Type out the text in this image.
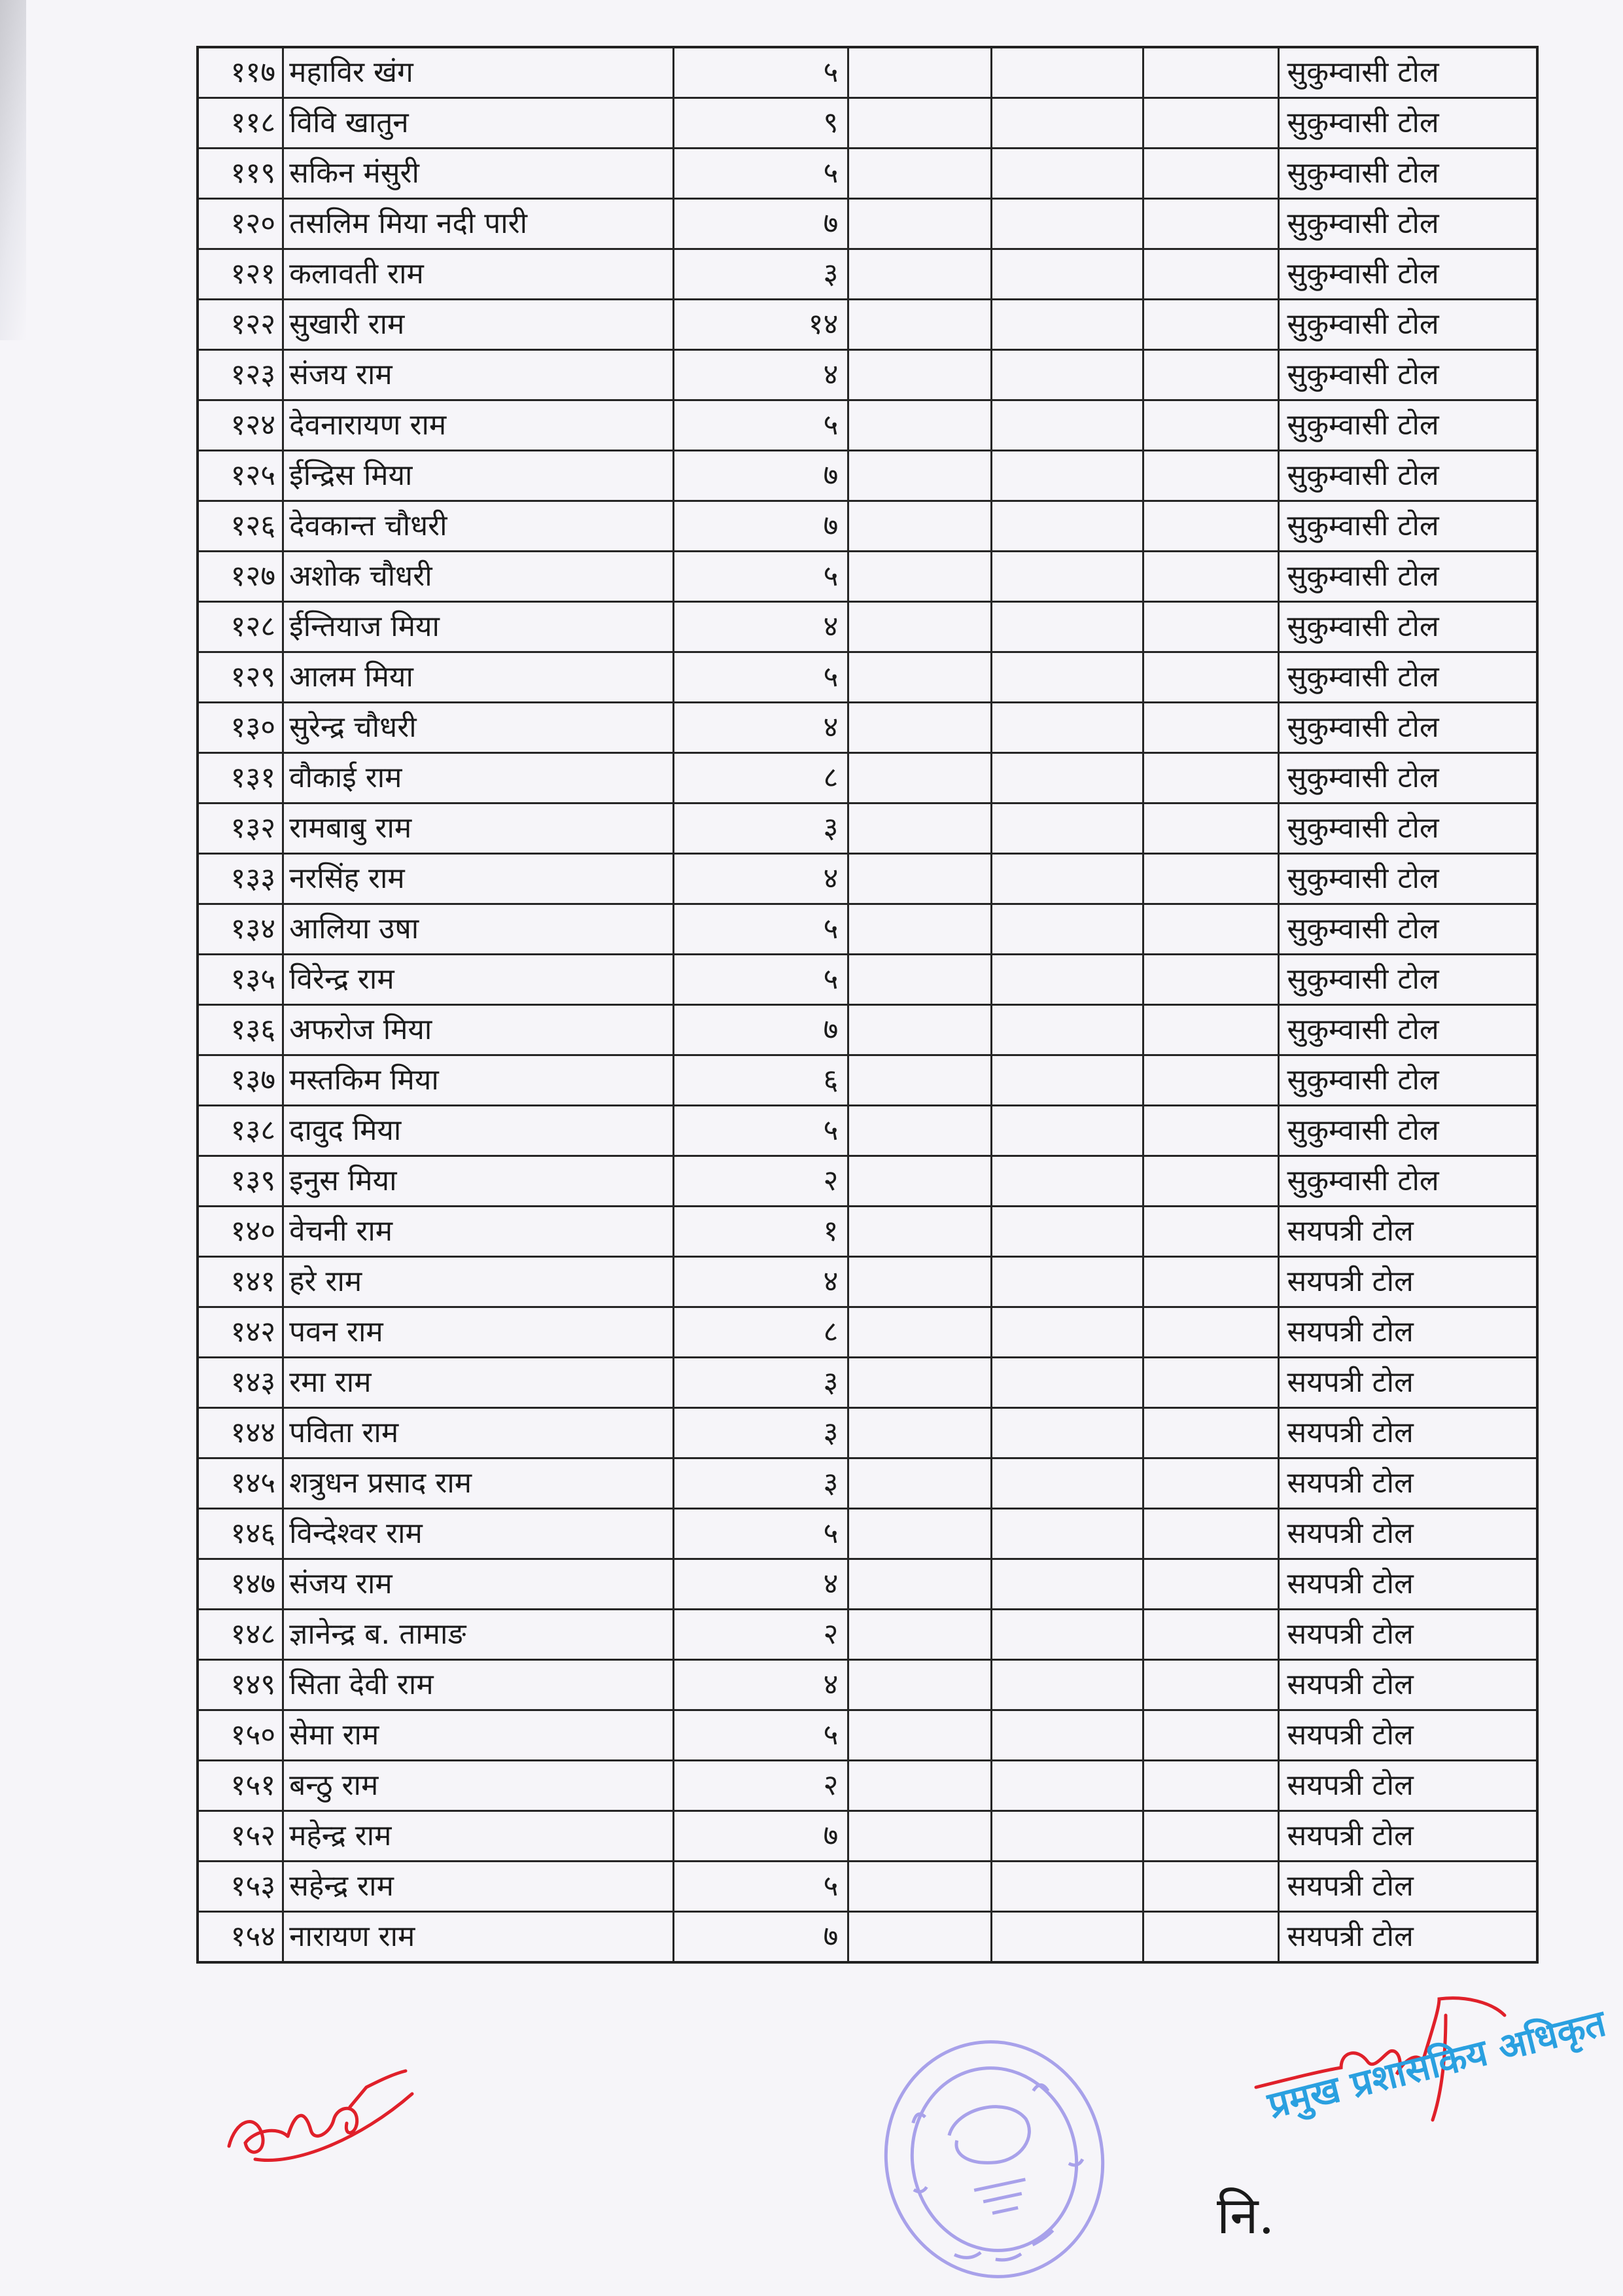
११७	महाविर खंग	५				सुकुम्वासी टोल
११८	विवि खातुन	९				सुकुम्वासी टोल
११९	सकिन मंसुरी	५				सुकुम्वासी टोल
१२०	तसलिम मिया नदी पारी	७				सुकुम्वासी टोल
१२१	कलावती राम	३				सुकुम्वासी टोल
१२२	सुखारी राम	१४				सुकुम्वासी टोल
१२३	संजय राम	४				सुकुम्वासी टोल
१२४	देवनारायण राम	५				सुकुम्वासी टोल
१२५	ईन्द्रिस मिया	७				सुकुम्वासी टोल
१२६	देवकान्त चौधरी	७				सुकुम्वासी टोल
१२७	अशोक चौधरी	५				सुकुम्वासी टोल
१२८	ईन्तियाज मिया	४				सुकुम्वासी टोल
१२९	आलम मिया	५				सुकुम्वासी टोल
१३०	सुरेन्द्र चौधरी	४				सुकुम्वासी टोल
१३१	वौकाई राम	८				सुकुम्वासी टोल
१३२	रामबाबु राम	३				सुकुम्वासी टोल
१३३	नरसिंह राम	४				सुकुम्वासी टोल
१३४	आलिया उषा	५				सुकुम्वासी टोल
१३५	विरेन्द्र राम	५				सुकुम्वासी टोल
१३६	अफरोज मिया	७				सुकुम्वासी टोल
१३७	मस्तकिम मिया	६				सुकुम्वासी टोल
१३८	दावुद मिया	५				सुकुम्वासी टोल
१३९	इनुस मिया	२				सुकुम्वासी टोल
१४०	वेचनी राम	१				सयपत्री टोल
१४१	हरे राम	४				सयपत्री टोल
१४२	पवन राम	८				सयपत्री टोल
१४३	रमा राम	३				सयपत्री टोल
१४४	पविता राम	३				सयपत्री टोल
१४५	शत्रुधन प्रसाद राम	३				सयपत्री टोल
१४६	विन्देश्वर राम	५				सयपत्री टोल
१४७	संजय राम	४				सयपत्री टोल
१४८	ज्ञानेन्द्र ब. तामाङ	२				सयपत्री टोल
१४९	सिता देवी राम	४				सयपत्री टोल
१५०	सेमा राम	५				सयपत्री टोल
१५१	बन्ठु राम	२				सयपत्री टोल
१५२	महेन्द्र राम	७				सयपत्री टोल
१५३	सहेन्द्र राम	५				सयपत्री टोल
१५४	नारायण राम	७				सयपत्री टोल
प्रमुख प्रशासकिय अधिकृत
नि.
